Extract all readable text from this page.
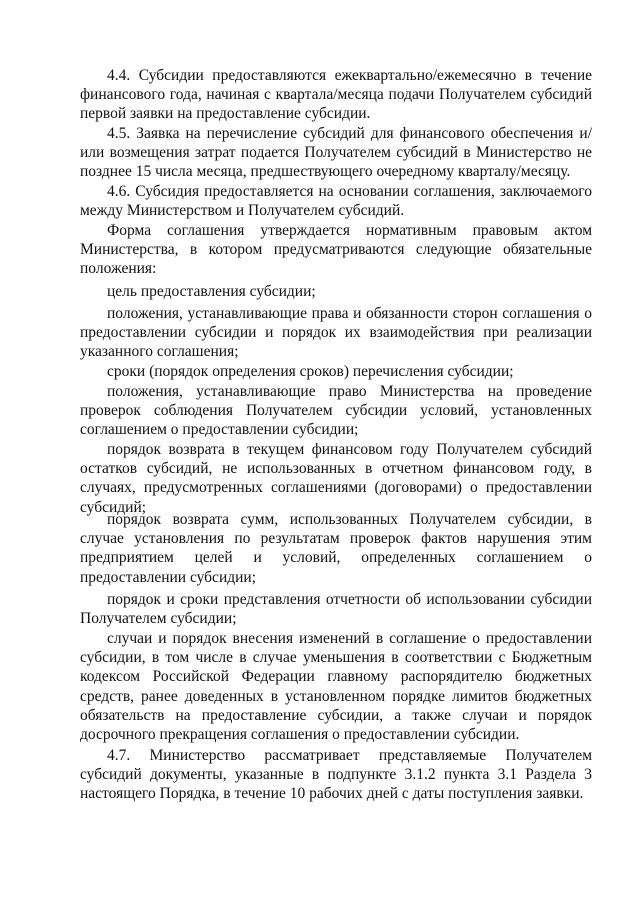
4.4. Субсидии предоставляются ежеквартально/ежемесячно в течение финансового года, начиная с квартала/месяца подачи Получателем субсидий первой заявки на предоставление субсидии.

4.5. Заявка на перечисление субсидий для финансового обеспечения и/или возмещения затрат подается Получателем субсидий в Министерство не позднее 15 числа месяца, предшествующего очередному кварталу/месяцу.

4.6. Субсидия предоставляется на основании соглашения, заключаемого между Министерством и Получателем субсидий.

Форма соглашения утверждается нормативным правовым актом Министерства, в котором предусматриваются следующие обязательные положения:

цель предоставления субсидии;

положения, устанавливающие права и обязанности сторон соглашения о предоставлении субсидии и порядок их взаимодействия при реализации указанного соглашения;

сроки (порядок определения сроков) перечисления субсидии;

положения, устанавливающие право Министерства на проведение проверок соблюдения Получателем субсидии условий, установленных соглашением о предоставлении субсидии;

порядок возврата в текущем финансовом году Получателем субсидий остатков субсидий, не использованных в отчетном финансовом году, в случаях, предусмотренных соглашениями (договорами) о предоставлении субсидий;

порядок возврата сумм, использованных Получателем субсидии, в случае установления по результатам проверок фактов нарушения этим предприятием целей и условий, определенных соглашением о предоставлении субсидии;

порядок и сроки представления отчетности об использовании субсидии Получателем субсидии;

случаи и порядок внесения изменений в соглашение о предоставлении субсидии, в том числе в случае уменьшения в соответствии с Бюджетным кодексом Российской Федерации главному распорядителю бюджетных средств, ранее доведенных в установленном порядке лимитов бюджетных обязательств на предоставление субсидии, а также случаи и порядок досрочного прекращения соглашения о предоставлении субсидии.

4.7. Министерство рассматривает представляемые Получателем субсидий документы, указанные в подпункте 3.1.2 пункта 3.1 Раздела 3 настоящего Порядка, в течение 10 рабочих дней с даты поступления заявки.
